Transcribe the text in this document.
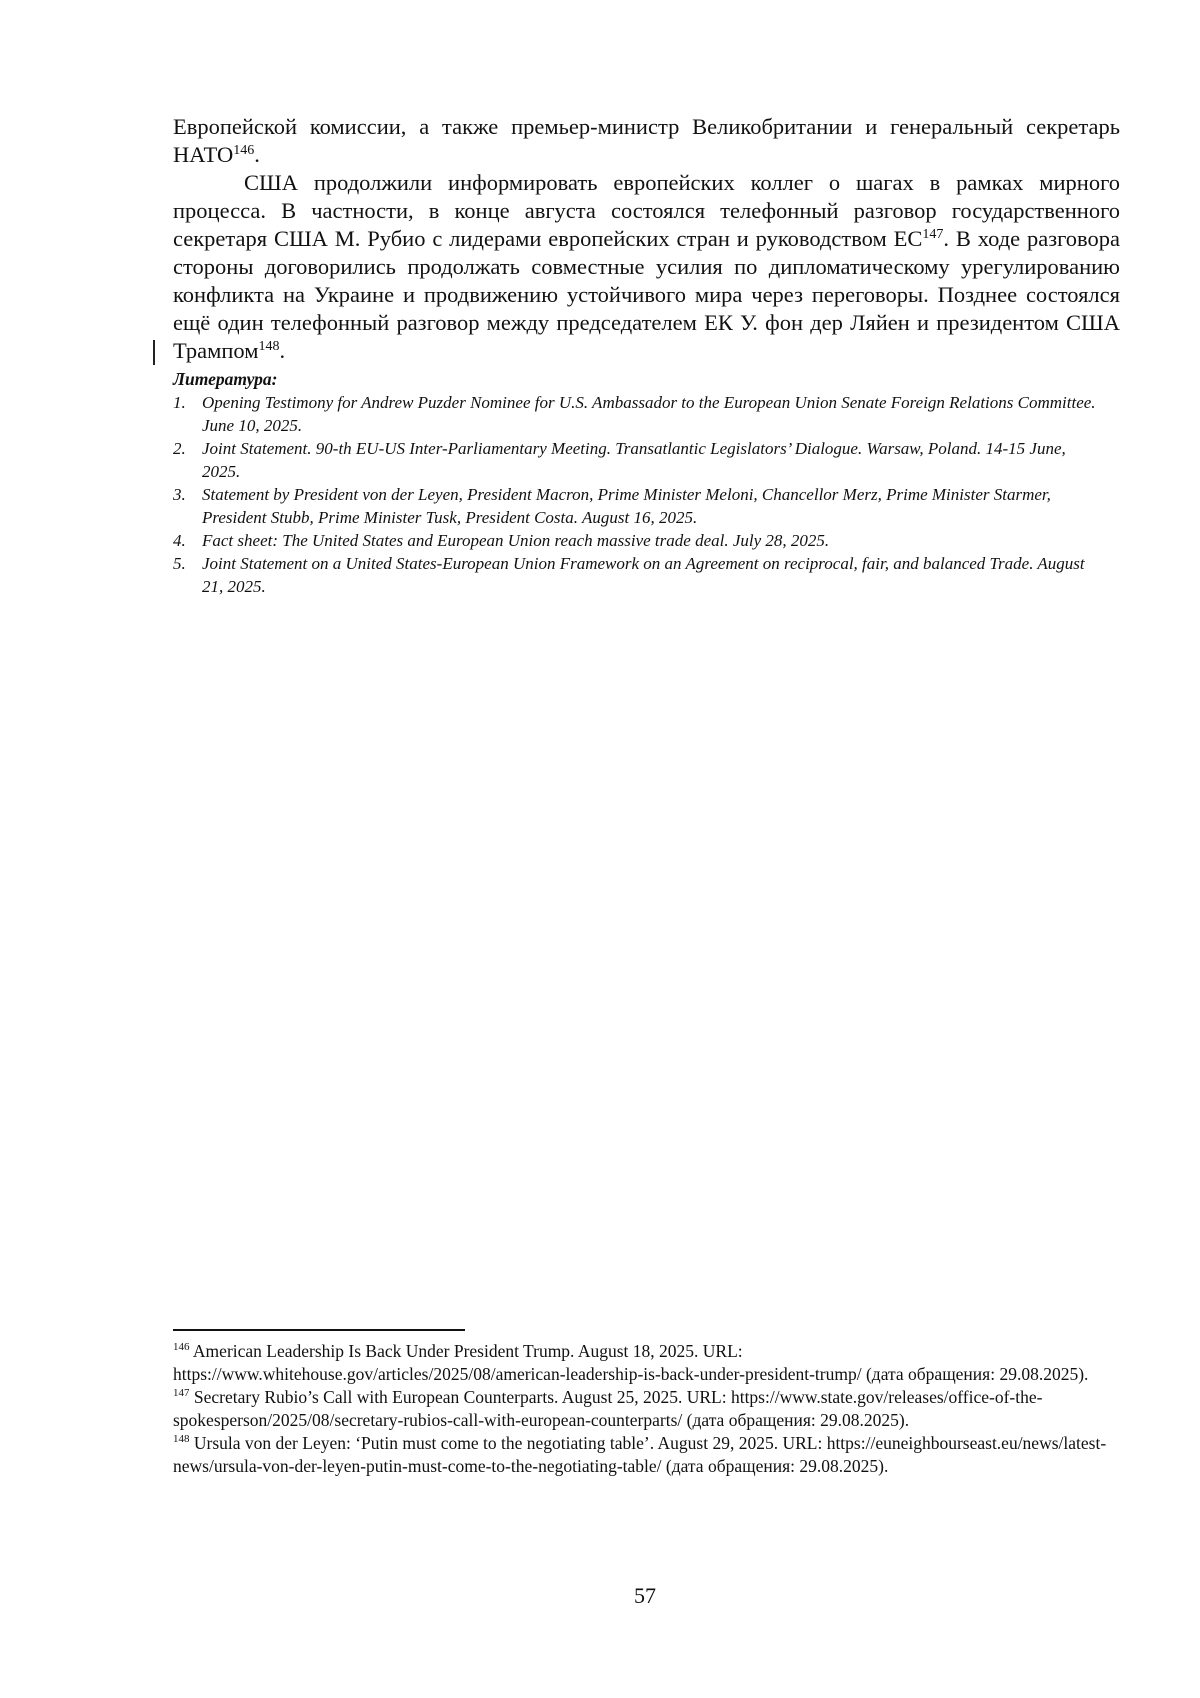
Европейской комиссии, а также премьер-министр Великобритании и генеральный секретарь НАТО$^{146}$.

США продолжили информировать европейских коллег о шагах в рамках мирного процесса. В частности, в конце августа состоялся телефонный разговор государственного секретаря США М. Рубио с лидерами европейских стран и руководством ЕС$^{147}$. В ходе разговора стороны договорились продолжать совместные усилия по дипломатическому урегулированию конфликта на Украине и продвижению устойчивого мира через переговоры. Позднее состоялся ещё один телефонный разговор между председателем ЕК У. фон дер Ляйен и президентом США Трампом$^{148}$.

Литература:
1. Opening Testimony for Andrew Puzder Nominee for U.S. Ambassador to the European Union Senate Foreign Relations Committee. June 10, 2025.
2. Joint Statement. 90-th EU-US Inter-Parliamentary Meeting. Transatlantic Legislators’ Dialogue. Warsaw, Poland. 14-15 June, 2025.
3. Statement by President von der Leyen, President Macron, Prime Minister Meloni, Chancellor Merz, Prime Minister Starmer, President Stubb, Prime Minister Tusk, President Costa. August 16, 2025.
4. Fact sheet: The United States and European Union reach massive trade deal. July 28, 2025.
5. Joint Statement on a United States-European Union Framework on an Agreement on reciprocal, fair, and balanced Trade. August 21, 2025.

$^{146}$ American Leadership Is Back Under President Trump. August 18, 2025. URL: https://www.whitehouse.gov/articles/2025/08/american-leadership-is-back-under-president-trump/ (дата обращения: 29.08.2025).

$^{147}$ Secretary Rubio’s Call with European Counterparts. August 25, 2025. URL: https://www.state.gov/releases/office-of-the-spokesperson/2025/08/secretary-rubios-call-with-european-counterparts/ (дата обращения: 29.08.2025).

$^{148}$ Ursula von der Leyen: ‘Putin must come to the negotiating table’. August 29, 2025. URL: https://euneighbourseast.eu/news/latest-news/ursula-von-der-leyen-putin-must-come-to-the-negotiating-table/ (дата обращения: 29.08.2025).

57
